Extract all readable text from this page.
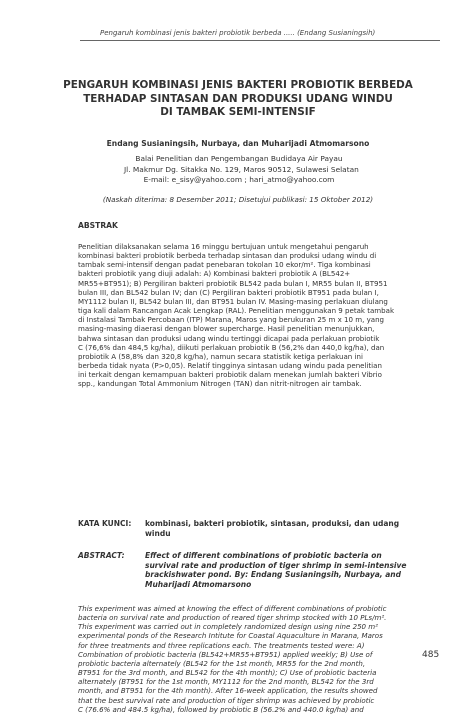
Pengaruh kombinasi jenis bakteri probiotik berbeda ..... (Endang Susianingsih)
PENGARUH KOMBINASI JENIS BAKTERI PROBIOTIK BERBEDA
TERHADAP SINTASAN DAN PRODUKSI UDANG WINDU
DI TAMBAK SEMI-INTENSIF
Endang Susianingsih, Nurbaya, dan Muharijadi Atmomarsono
Balai Penelitian dan Pengembangan Budidaya Air Payau
Jl. Makmur Dg. Sitakka No. 129, Maros 90512, Sulawesi Selatan
E-mail: e_sisy@yahoo.com ; hari_atmo@yahoo.com
(Naskah diterima: 8 Desember 2011; Disetujui publikasi: 15 Oktober 2012)
ABSTRAK
Penelitian dilaksanakan selama 16 minggu bertujuan untuk mengetahui pengaruh
kombinasi bakteri probiotik berbeda terhadap sintasan dan produksi udang windu di
tambak semi-intensif dengan padat penebaran tokolan 10 ekor/m². Tiga kombinasi
bakteri probiotik yang diuji adalah: A) Kombinasi bakteri probiotik A (BL542+
MR55+BT951); B) Pergiliran bakteri probiotik BL542 pada bulan I, MR55 bulan II, BT951
bulan III, dan BL542 bulan IV; dan (C) Pergiliran bakteri probiotik BT951 pada bulan I,
MY1112 bulan II, BL542 bulan III, dan BT951 bulan IV. Masing-masing perlakuan diulang
tiga kali dalam Rancangan Acak Lengkap (RAL). Penelitian menggunakan 9 petak tambak
di Instalasi Tambak Percobaan (ITP) Marana, Maros yang berukuran 25 m x 10 m, yang
masing-masing diaerasi dengan blower supercharge. Hasil penelitian menunjukkan,
bahwa sintasan dan produksi udang windu tertinggi dicapai pada perlakuan probiotik
C (76,6% dan 484,5 kg/ha), diikuti perlakuan probiotik B (56,2% dan 440,0 kg/ha), dan
probiotik A (58,8% dan 320,8 kg/ha), namun secara statistik ketiga perlakuan ini
berbeda tidak nyata (P>0,05). Relatif tingginya sintasan udang windu pada penelitian
ini terkait dengan kemampuan bakteri probiotik dalam menekan jumlah bakteri Vibrio
spp., kandungan Total Ammonium Nitrogen (TAN) dan nitrit-nitrogen air tambak.
KATA KUNCI: kombinasi, bakteri probiotik, sintasan, produksi, dan udang windu
ABSTRACT:	Effect of different combinations of probiotic bacteria on
survival rate and production of tiger shrimp in semi-intensive
brackishwater pond. By: Endang Susianingsih, Nurbaya, and
Muharijadi Atmomarsono
This experiment was aimed at knowing the effect of different combinations of probiotic
bacteria on survival rate and production of reared tiger shrimp stocked with 10 PLs/m².
This experiment was carried out in completely randomized design using nine 250 m²
experimental ponds of the Research Intitute for Coastal Aquaculture in Marana, Maros
for three treatments and three replications each. The treatments tested were: A)
Combination of probiotic bacteria (BL542+MR55+BT951) applied weekly; B) Use of
probiotic bacteria alternately (BL542 for the 1st month, MR55 for the 2nd month,
BT951 for the 3rd month, and BL542 for the 4th month); C) Use of probiotic bacteria
alternately (BT951 for the 1st month, MY1112 for the 2nd month, BL542 for the 3rd
month, and BT951 for the 4th month). After 16-week application, the results showed
that the best survival rate and production of tiger shrimp was achieved by probiotic
C (76.6% and 484.5 kg/ha), followed by probiotic B (56.2% and 440.0 kg/ha) and
485
